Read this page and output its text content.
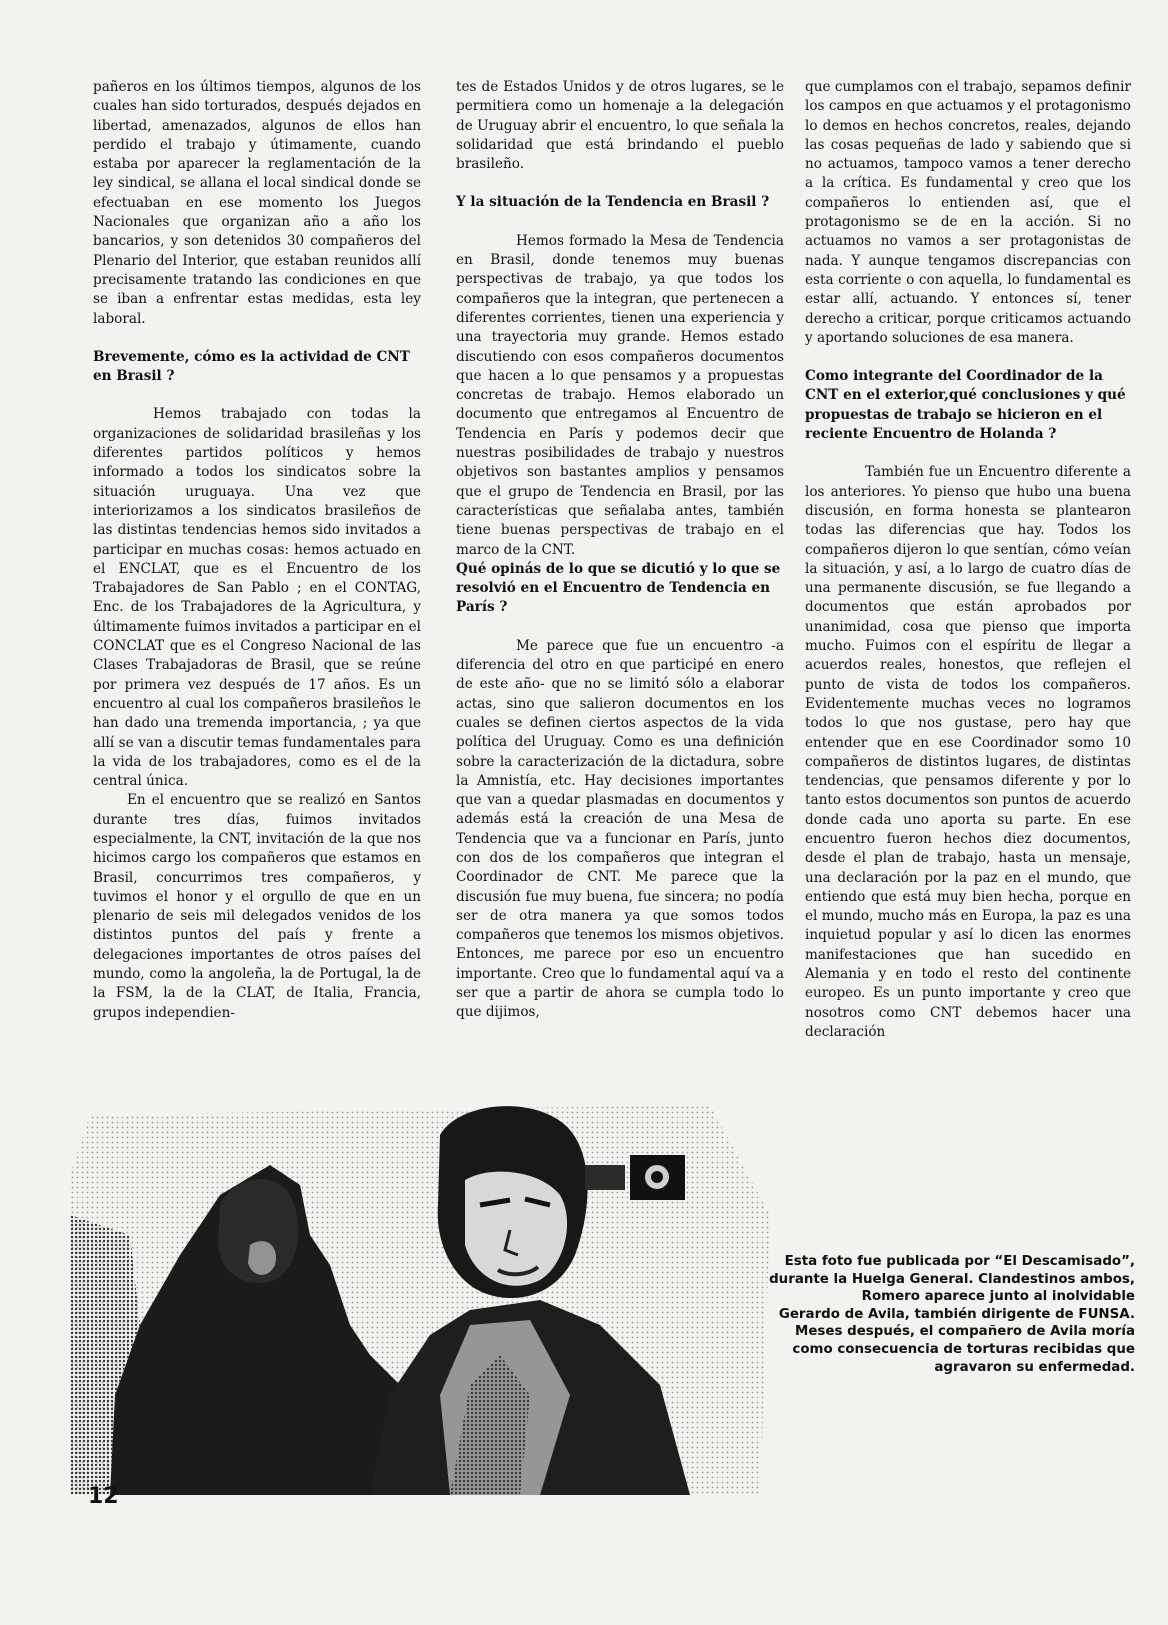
pañeros en los últimos tiempos, algunos de los cuales han sido torturados, después dejados en libertad, amenazados, algunos de ellos han perdido el trabajo y útimamente, cuando estaba por aparecer la reglamentación de la ley sindical, se allana el local sindical donde se efectuaban en ese momento los Juegos Nacionales que organizan año a año los bancarios, y son detenidos 30 compañeros del Plenario del Interior, que estaban reunidos allí precisamente tratando las condiciones en que se iban a enfrentar estas medidas, esta ley laboral.

Brevemente, cómo es la actividad de CNT en Brasil ?

Hemos trabajado con todas la organizaciones de solidaridad brasileñas y los diferentes partidos políticos y hemos informado a todos los sindicatos sobre la situación uruguaya. Una vez que interiorizamos a los sindicatos brasileños de las distintas tendencias hemos sido invitados a participar en muchas cosas: hemos actuado en el ENCLAT, que es el Encuentro de los Trabajadores de San Pablo ; en el CONTAG, Enc. de los Trabajadores de la Agricultura, y últimamente fuimos invitados a participar en el CONCLAT que es el Congreso Nacional de las Clases Trabajadoras de Brasil, que se reúne por primera vez después de 17 años. Es un encuentro al cual los compañeros brasileños le han dado una tremenda importancia, ; ya que allí se van a discutir temas fundamentales para la vida de los trabajadores, como es el de la central única.

En el encuentro que se realizó en Santos durante tres días, fuimos invitados especialmente, la CNT, invitación de la que nos hicimos cargo los compañeros que estamos en Brasil, concurrimos tres compañeros, y tuvimos el honor y el orgullo de que en un plenario de seis mil delegados venidos de los distintos puntos del país y frente a delegaciones importantes de otros países del mundo, como la angoleña, la de Portugal, la de la FSM, la de la CLAT, de Italia, Francia, grupos independien-

tes de Estados Unidos y de otros lugares, se le permitiera como un homenaje a la delegación de Uruguay abrir el encuentro, lo que señala la solidaridad que está brindando el pueblo brasileño.

Y la situación de la Tendencia en Brasil ?

Hemos formado la Mesa de Tendencia en Brasil, donde tenemos muy buenas perspectivas de trabajo, ya que todos los compañeros que la integran, que pertenecen a diferentes corrientes, tienen una experiencia y una trayectoria muy grande. Hemos estado discutiendo con esos compañeros documentos que hacen a lo que pensamos y a propuestas concretas de trabajo. Hemos elaborado un documento que entregamos al Encuentro de Tendencia en París y podemos decir que nuestras posibilidades de trabajo y nuestros objetivos son bastantes amplios y pensamos que el grupo de Tendencia en Brasil, por las características que señalaba antes, también tiene buenas perspectivas de trabajo en el marco de la CNT.

Qué opinás de lo que se dicutió y lo que se resolvió en el Encuentro de Tendencia en París ?

Me parece que fue un encuentro -a diferencia del otro en que participé en enero de este año- que no se limitó sólo a elaborar actas, sino que salieron documentos en los cuales se definen ciertos aspectos de la vida política del Uruguay. Como es una definición sobre la caracterización de la dictadura, sobre la Amnistía, etc. Hay decisiones importantes que van a quedar plasmadas en documentos y además está la creación de una Mesa de Tendencia que va a funcionar en París, junto con dos de los compañeros que integran el Coordinador de CNT. Me parece que la discusión fue muy buena, fue sincera; no podía ser de otra manera ya que somos todos compañeros que tenemos los mismos objetivos. Entonces, me parece por eso un encuentro importante. Creo que lo fundamental aquí va a ser que a partir de ahora se cumpla todo lo que dijimos,

que cumplamos con el trabajo, sepamos definir los campos en que actuamos y el protagonismo lo demos en hechos concretos, reales, dejando las cosas pequeñas de lado y sabiendo que si no actuamos, tampoco vamos a tener derecho a la crítica. Es fundamental y creo que los compañeros lo entienden así, que el protagonismo se de en la acción. Si no actuamos no vamos a ser protagonistas de nada. Y aunque tengamos discrepancias con esta corriente o con aquella, lo fundamental es estar allí, actuando. Y entonces sí, tener derecho a criticar, porque criticamos actuando y aportando soluciones de esa manera.

Como integrante del Coordinador de la CNT en el exterior,qué conclusiones y qué propuestas de trabajo se hicieron en el reciente Encuentro de Holanda ?

También fue un Encuentro diferente a los anteriores. Yo pienso que hubo una buena discusión, en forma honesta se plantearon todas las diferencias que hay. Todos los compañeros dijeron lo que sentían, cómo veían la situación, y así, a lo largo de cuatro días de una permanente discusión, se fue llegando a documentos que están aprobados por unanimidad, cosa que pienso que importa mucho. Fuimos con el espíritu de llegar a acuerdos reales, honestos, que reflejen el punto de vista de todos los compañeros. Evidentemente muchas veces no logramos todos lo que nos gustase, pero hay que entender que en ese Coordinador somo 10 compañeros de distintos lugares, de distintas tendencias, que pensamos diferente y por lo tanto estos documentos son puntos de acuerdo donde cada uno aporta su parte. En ese encuentro fueron hechos diez documentos, desde el plan de trabajo, hasta un mensaje, una declaración por la paz en el mundo, que entiendo que está muy bien hecha, porque en el mundo, mucho más en Europa, la paz es una inquietud popular y así lo dicen las enormes manifestaciones que han sucedido en Alemania y en todo el resto del continente europeo. Es un punto importante y creo que nosotros como CNT debemos hacer una declaración

Esta foto fue publicada por “El Descamisado”,
durante la Huelga General. Clandestinos ambos,
Romero aparece junto al inolvidable
Gerardo de Avila, también dirigente de FUNSA.
Meses después, el compañero de Avila moría
como consecuencia de torturas recibidas que
agravaron su enfermedad.
12
